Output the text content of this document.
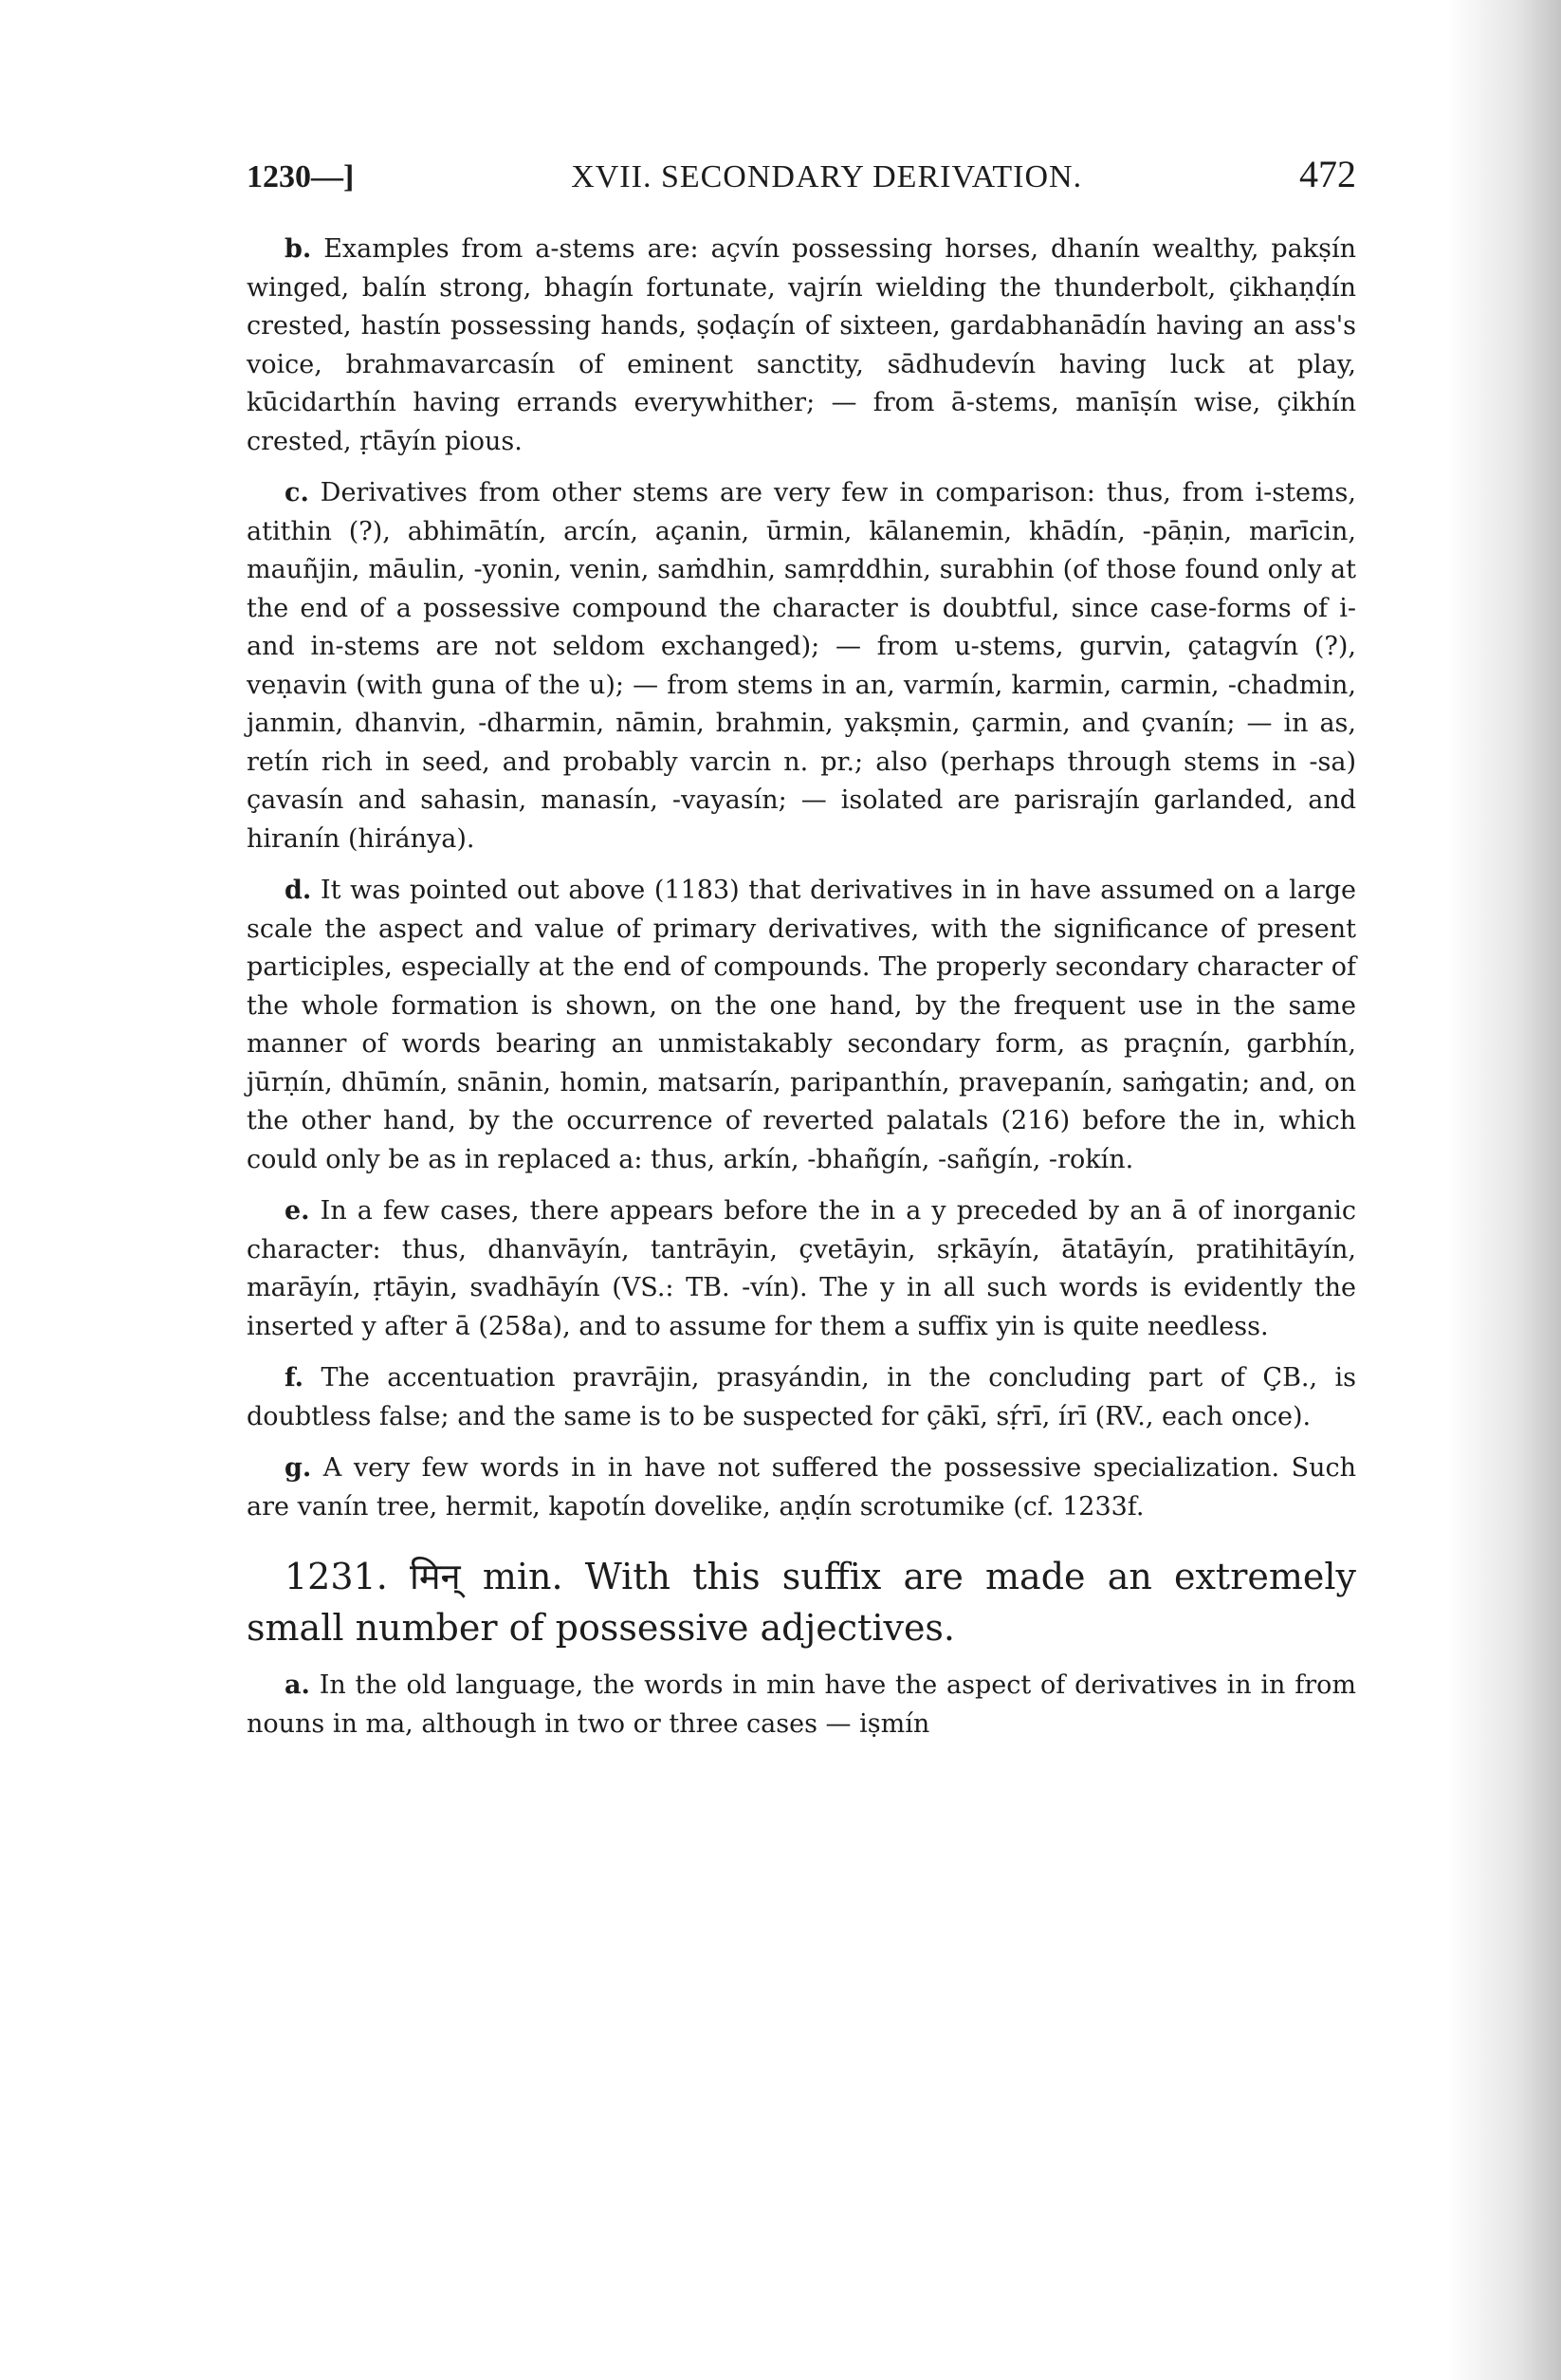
1230—]	XVII. SECONDARY DERIVATION.	472

b. Examples from a-stems are: açvín possessing horses, dhanín wealthy, pakṣín winged, balín strong, bhagín fortunate, vajrín wielding the thunderbolt, çikhaṇḍín crested, hastín possessing hands, ṣoḍaçín of sixteen, gardabhanādín having an ass's voice, brahmavarcasín of eminent sanctity, sādhudevín having luck at play, kūcidarthín having errands everywhither; — from ā-stems, manīṣín wise, çikhín crested, ṛtāyín pious.

c. Derivatives from other stems are very few in comparison: thus, from i-stems, atithin (?), abhimātín, arcín, açanin, ūrmin, kālanemin, khādín, -pāṇin, marīcin, mauñjin, māulin, -yonin, venin, saṁdhin, samṛddhin, surabhin (of those found only at the end of a possessive compound the character is doubtful, since case-forms of i- and in-stems are not seldom exchanged); — from u-stems, gurvin, çatagvín (?), veṇavin (with guna of the u); — from stems in an, varmín, karmin, carmin, -chadmin, janmin, dhanvin, -dharmin, nāmin, brahmin, yakṣmin, çarmin, and çvanín; — in as, retín rich in seed, and probably varcin n. pr.; also (perhaps through stems in -sa) çavasín and sahasin, manasín, -vayasín; — isolated are parisrajín garlanded, and hiranín (hiránya).

d. It was pointed out above (1183) that derivatives in in have assumed on a large scale the aspect and value of primary derivatives, with the significance of present participles, especially at the end of compounds. The properly secondary character of the whole formation is shown, on the one hand, by the frequent use in the same manner of words bearing an unmistakably secondary form, as praçnín, garbhín, jūrṇín, dhūmín, snānin, homin, matsarín, paripanthín, pravepanín, saṁgatin; and, on the other hand, by the occurrence of reverted palatals (216) before the in, which could only be as in replaced a: thus, arkín, -bhañgín, -sañgín, -rokín.

e. In a few cases, there appears before the in a y preceded by an ā of inorganic character: thus, dhanvāyín, tantrāyin, çvetāyin, sṛkāyín, ātatāyín, pratihitāyín, marāyín, ṛtāyin, svadhāyín (VS.: TB. -vín). The y in all such words is evidently the inserted y after ā (258a), and to assume for them a suffix yin is quite needless.

f. The accentuation pravrājin, prasyándin, in the concluding part of ÇB., is doubtless false; and the same is to be suspected for çākī, sṛ́rī, írī (RV., each once).

g. A very few words in in have not suffered the possessive specialization. Such are vanín tree, hermit, kapotín dovelike, aṇḍín scrotumike (cf. 1233f.

1231. मिन् min. With this suffix are made an extremely small number of possessive adjectives.

a. In the old language, the words in min have the aspect of derivatives in in from nouns in ma, although in two or three cases — iṣmín
